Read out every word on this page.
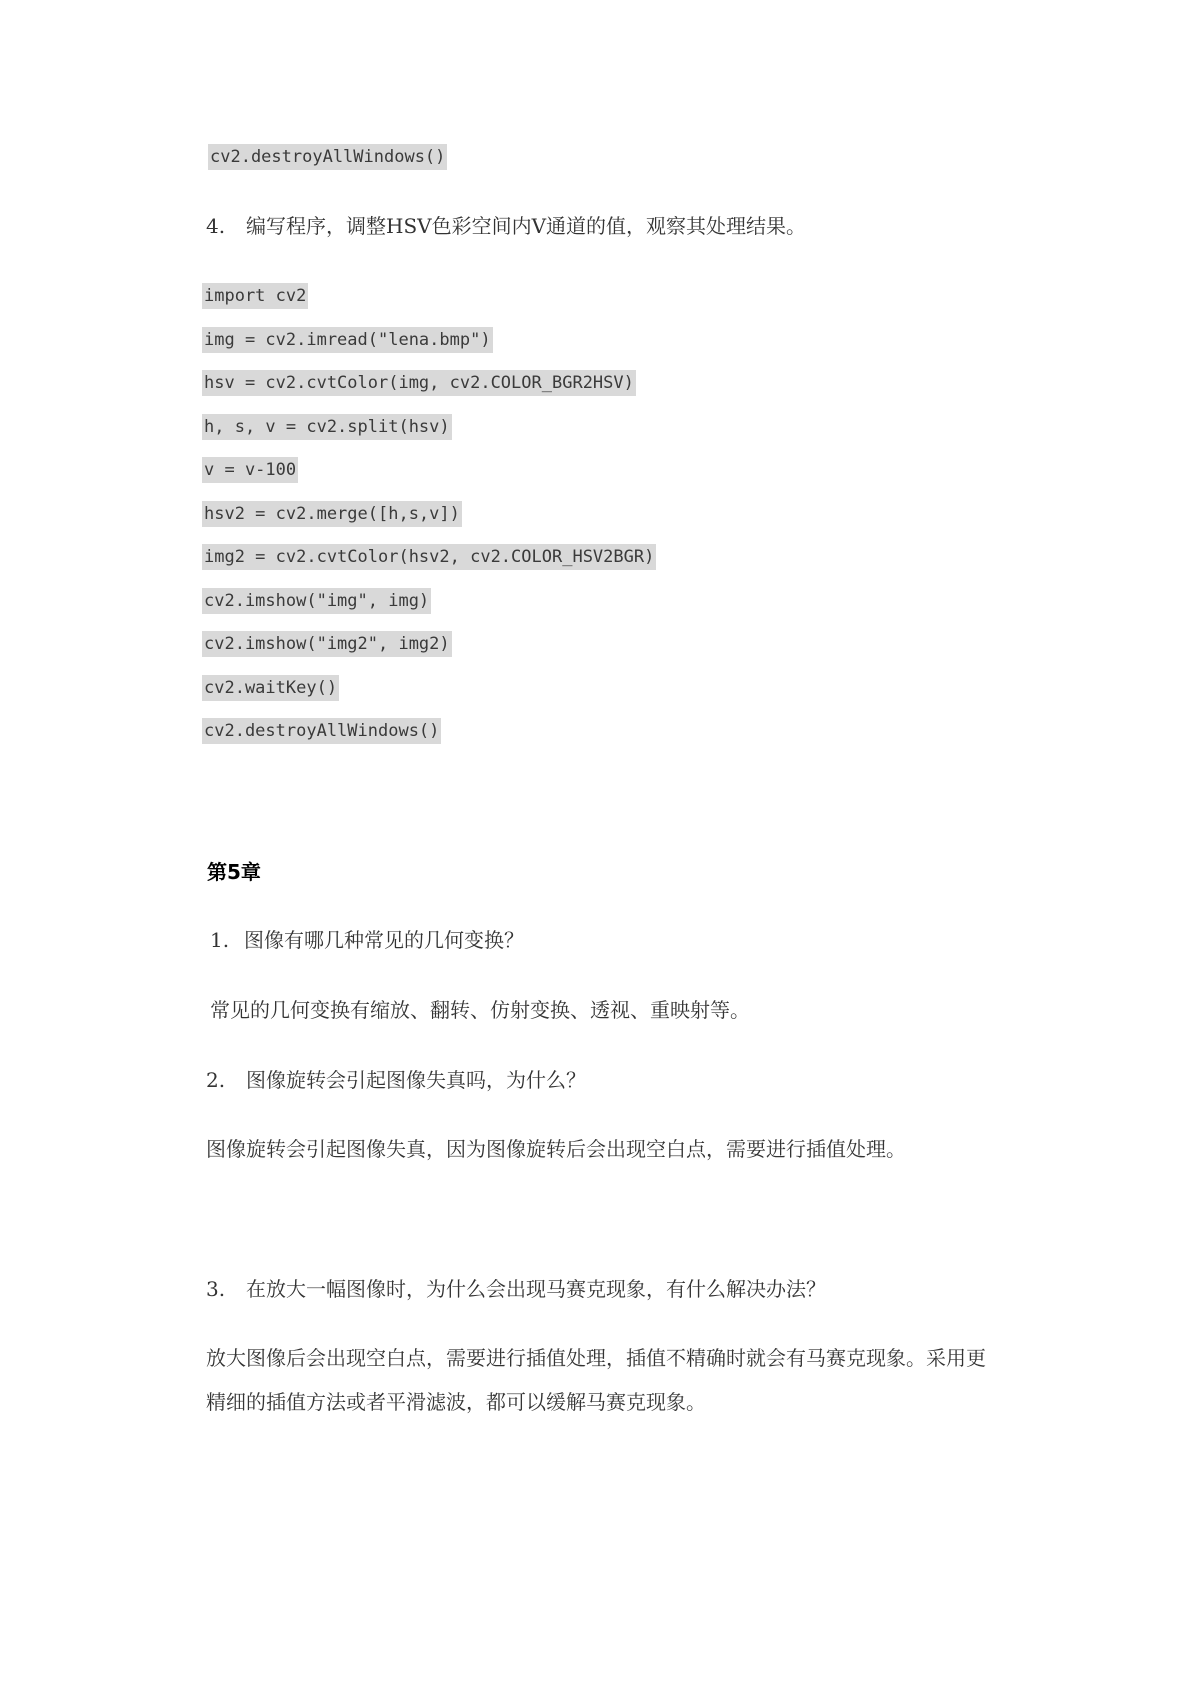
cv2.destroyAllWindows()
4. 编写程序，调整HSV色彩空间内V通道的值，观察其处理结果。
import cv2
img = cv2.imread("lena.bmp")
hsv = cv2.cvtColor(img, cv2.COLOR_BGR2HSV)
h, s, v = cv2.split(hsv)
v = v-100
hsv2 = cv2.merge([h,s,v])
img2 = cv2.cvtColor(hsv2, cv2.COLOR_HSV2BGR)
cv2.imshow("img", img)
cv2.imshow("img2", img2)
cv2.waitKey()
cv2.destroyAllWindows()
第5章
1. 图像有哪几种常见的几何变换？
常见的几何变换有缩放、翻转、仿射变换、透视、重映射等。
2. 图像旋转会引起图像失真吗，为什么？
图像旋转会引起图像失真，因为图像旋转后会出现空白点，需要进行插值处理。
3. 在放大一幅图像时，为什么会出现马赛克现象，有什么解决办法？
放大图像后会出现空白点，需要进行插值处理，插值不精确时就会有马赛克现象。采用更
精细的插值方法或者平滑滤波，都可以缓解马赛克现象。
